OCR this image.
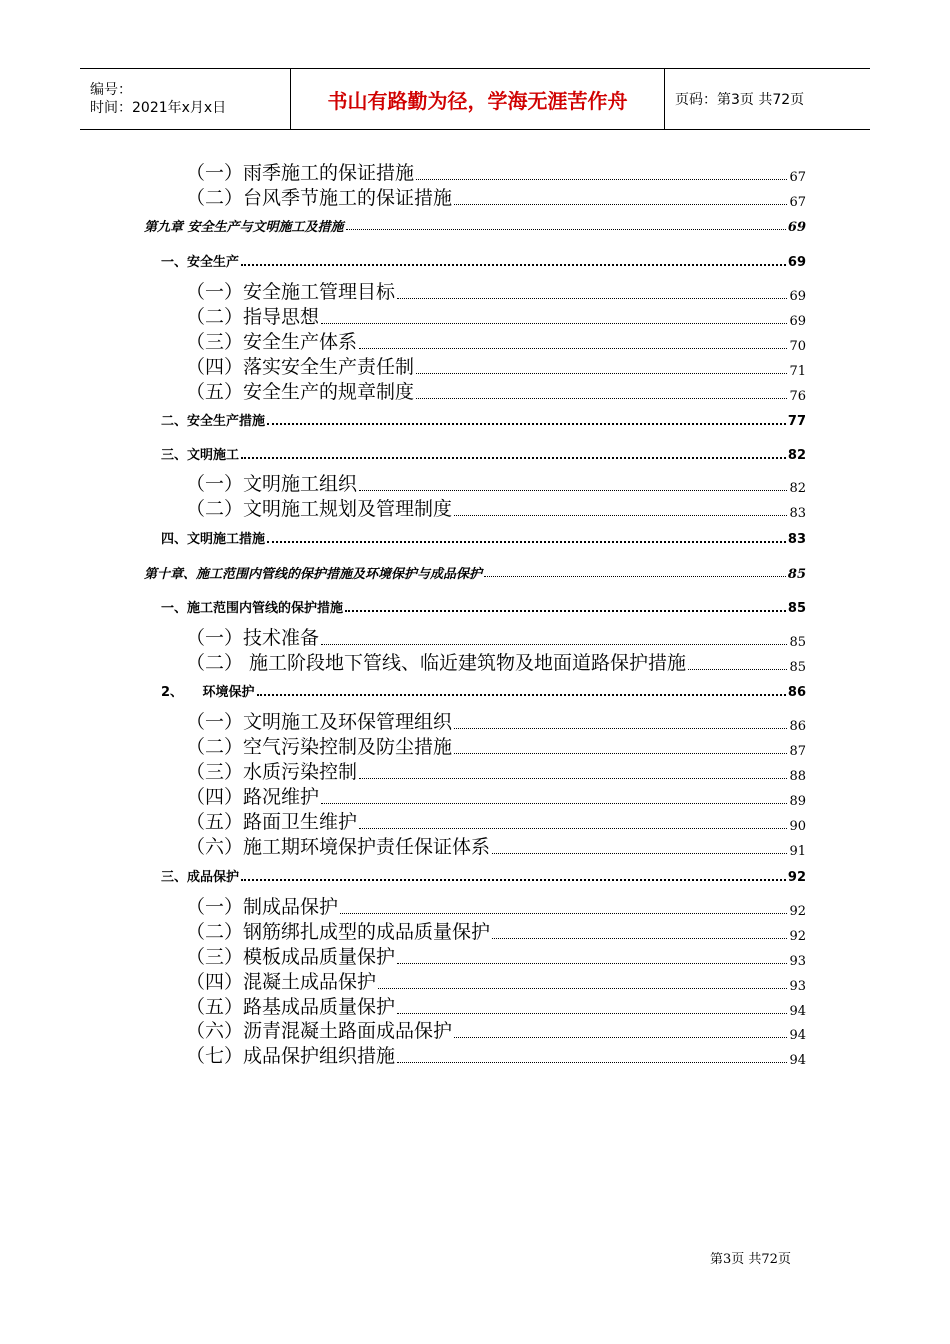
编号：
时间：2021年x月x日	书山有路勤为径，学海无涯苦作舟	页码：第3页 共72页
（一）雨季施工的保证措施	67
（二）台风季节施工的保证措施	67
第九章 安全生产与文明施工及措施	69
一、安全生产	69
（一）安全施工管理目标	69
（二）指导思想	69
（三）安全生产体系	70
（四）落实安全生产责任制	71
（五）安全生产的规章制度	76
二、安全生产措施	77
三、文明施工	82
（一）文明施工组织	82
（二）文明施工规划及管理制度	83
四、文明施工措施	83
第十章、施工范围内管线的保护措施及环境保护与成品保护	85
一、施工范围内管线的保护措施	85
（一）技术准备	85
（二） 施工阶段地下管线、临近建筑物及地面道路保护措施	85
2、　　环境保护	86
（一）文明施工及环保管理组织	86
（二）空气污染控制及防尘措施	87
（三）水质污染控制	88
（四）路况维护	89
（五）路面卫生维护	90
（六）施工期环境保护责任保证体系	91
三、成品保护	92
（一）制成品保护	92
（二）钢筋绑扎成型的成品质量保护	92
（三）模板成品质量保护	93
（四）混凝土成品保护	93
（五）路基成品质量保护	94
（六）沥青混凝土路面成品保护	94
（七）成品保护组织措施	94
第3页 共72页
